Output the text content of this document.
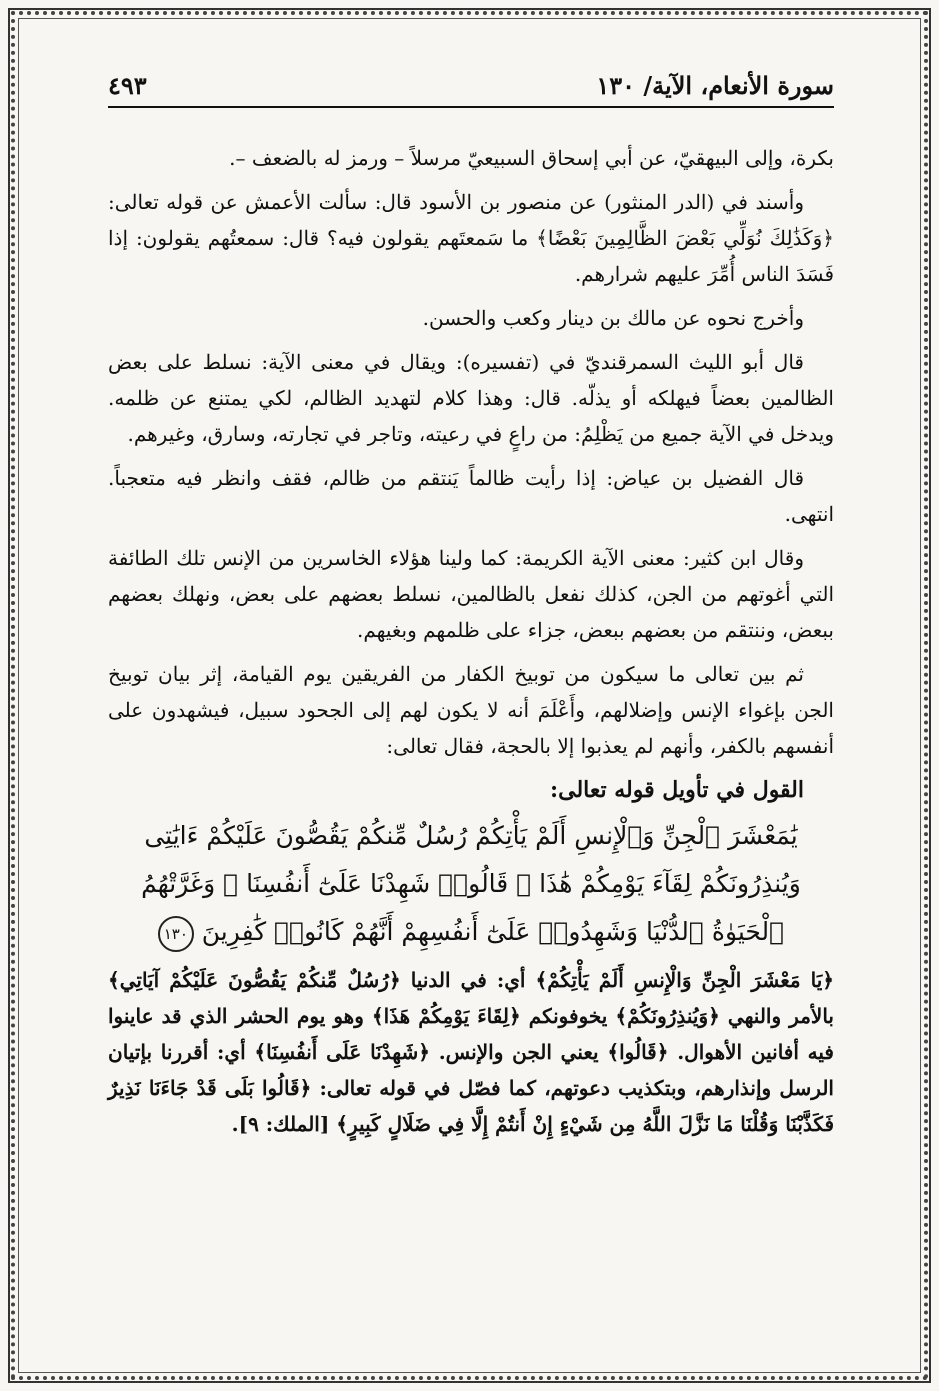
سورة الأنعام، الآية/ ١٣٠
٤٩٣

بكرة، وإلى البيهقيّ، عن أبي إسحاق السبيعيّ مرسلاً – ورمز له بالضعف –.

وأسند في (الدر المنثور) عن منصور بن الأسود قال: سألت الأعمش عن قوله تعالى: ﴿وَكَذَٰلِكَ نُوَلِّي بَعْضَ الظَّالِمِينَ بَعْضًا﴾ ما سَمعتَهم يقولون فيه؟ قال: سمعتُهم يقولون: إذا فَسَدَ الناس أُمِّرَ عليهم شرارهم.

وأخرج نحوه عن مالك بن دينار وكعب والحسن.

قال أبو الليث السمرقنديّ في (تفسيره): ويقال في معنى الآية: نسلط على بعض الظالمين بعضاً فيهلكه أو يذلّه. قال: وهذا كلام لتهديد الظالم، لكي يمتنع عن ظلمه. ويدخل في الآية جميع من يَظْلِمُ: من راعٍ في رعيته، وتاجر في تجارته، وسارق، وغيرهم.

قال الفضيل بن عياض: إذا رأيت ظالماً يَنتقم من ظالم، فقف وانظر فيه متعجباً. انتهى.

وقال ابن كثير: معنى الآية الكريمة: كما ولينا هؤلاء الخاسرين من الإنس تلك الطائفة التي أغوتهم من الجن، كذلك نفعل بالظالمين، نسلط بعضهم على بعض، ونهلك بعضهم ببعض، وننتقم من بعضهم ببعض، جزاء على ظلمهم وبغيهم.

ثم بين تعالى ما سيكون من توبيخ الكفار من الفريقين يوم القيامة، إثر بيان توبيخ الجن بإغواء الإنس وإضلالهم، وأَعْلَمَ أنه لا يكون لهم إلى الجحود سبيل، فيشهدون على أنفسهم بالكفر، وأنهم لم يعذبوا إلا بالحجة، فقال تعالى:

القول في تأويل قوله تعالى:

يَٰمَعْشَرَ ٱلْجِنِّ وَٱلْإِنسِ أَلَمْ يَأْتِكُمْ رُسُلٌ مِّنكُمْ يَقُصُّونَ عَلَيْكُمْ ءَايَٰتِى وَيُنذِرُونَكُمْ لِقَآءَ يَوْمِكُمْ هَٰذَا ۚ قَالُوا۟ شَهِدْنَا عَلَىٰٓ أَنفُسِنَا ۖ وَغَرَّتْهُمُ ٱلْحَيَوٰةُ ٱلدُّنْيَا وَشَهِدُوا۟ عَلَىٰٓ أَنفُسِهِمْ أَنَّهُمْ كَانُوا۟ كَٰفِرِينَ ١٣٠

﴿يَا مَعْشَرَ الْجِنِّ وَالْإِنسِ أَلَمْ يَأْتِكُمْ﴾ أي: في الدنيا ﴿رُسُلٌ مِّنكُمْ يَقُصُّونَ عَلَيْكُمْ آيَاتِي﴾ بالأمر والنهي ﴿وَيُنذِرُونَكُمْ﴾ يخوفونكم ﴿لِقَاءَ يَوْمِكُمْ هَذَا﴾ وهو يوم الحشر الذي قد عاينوا فيه أفانين الأهوال. ﴿قَالُوا﴾ يعني الجن والإنس. ﴿شَهِدْنَا عَلَى أَنفُسِنَا﴾ أي: أقررنا بإتيان الرسل وإنذارهم، وبتكذيب دعوتهم، كما فصّل في قوله تعالى: ﴿قَالُوا بَلَى قَدْ جَاءَنَا نَذِيرٌ فَكَذَّبْنَا وَقُلْنَا مَا نَزَّلَ اللَّهُ مِن شَيْءٍ إِنْ أَنتُمْ إِلَّا فِي ضَلَالٍ كَبِيرٍ﴾ [الملك: ٩].
